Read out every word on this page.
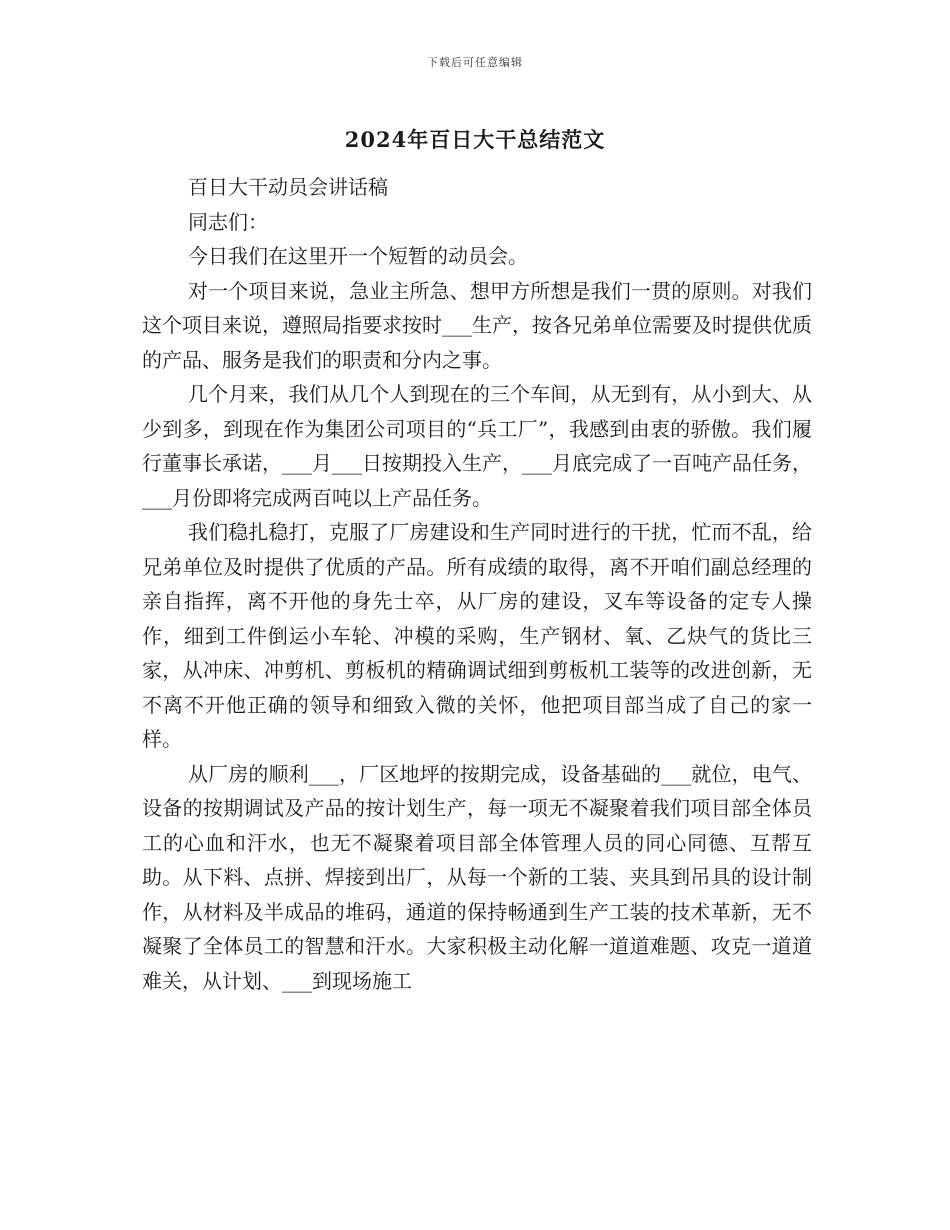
下载后可任意编辑
2024年百日大干总结范文

百日大干动员会讲话稿

同志们：

今日我们在这里开一个短暂的动员会。

对一个项目来说，急业主所急、想甲方所想是我们一贯的原则。对我们这个项目来说，遵照局指要求按时___生产，按各兄弟单位需要及时提供优质的产品、服务是我们的职责和分内之事。

几个月来，我们从几个人到现在的三个车间，从无到有，从小到大、从少到多，到现在作为集团公司项目的“兵工厂”，我感到由衷的骄傲。我们履行董事长承诺，___月___日按期投入生产，___月底完成了一百吨产品任务，___月份即将完成两百吨以上产品任务。

我们稳扎稳打，克服了厂房建设和生产同时进行的干扰，忙而不乱，给兄弟单位及时提供了优质的产品。所有成绩的取得，离不开咱们副总经理的亲自指挥，离不开他的身先士卒，从厂房的建设，叉车等设备的定专人操作，细到工件倒运小车轮、冲模的采购，生产钢材、氧、乙炔气的货比三家，从冲床、冲剪机、剪板机的精确调试细到剪板机工装等的改进创新，无不离不开他正确的领导和细致入微的关怀，他把项目部当成了自己的家一样。

从厂房的顺利___，厂区地坪的按期完成，设备基础的___就位，电气、设备的按期调试及产品的按计划生产，每一项无不凝聚着我们项目部全体员工的心血和汗水，也无不凝聚着项目部全体管理人员的同心同德、互帮互助。从下料、点拼、焊接到出厂，从每一个新的工装、夹具到吊具的设计制作，从材料及半成品的堆码，通道的保持畅通到生产工装的技术革新，无不凝聚了全体员工的智慧和汗水。大家积极主动化解一道道难题、攻克一道道难关，从计划、___到现场施工
